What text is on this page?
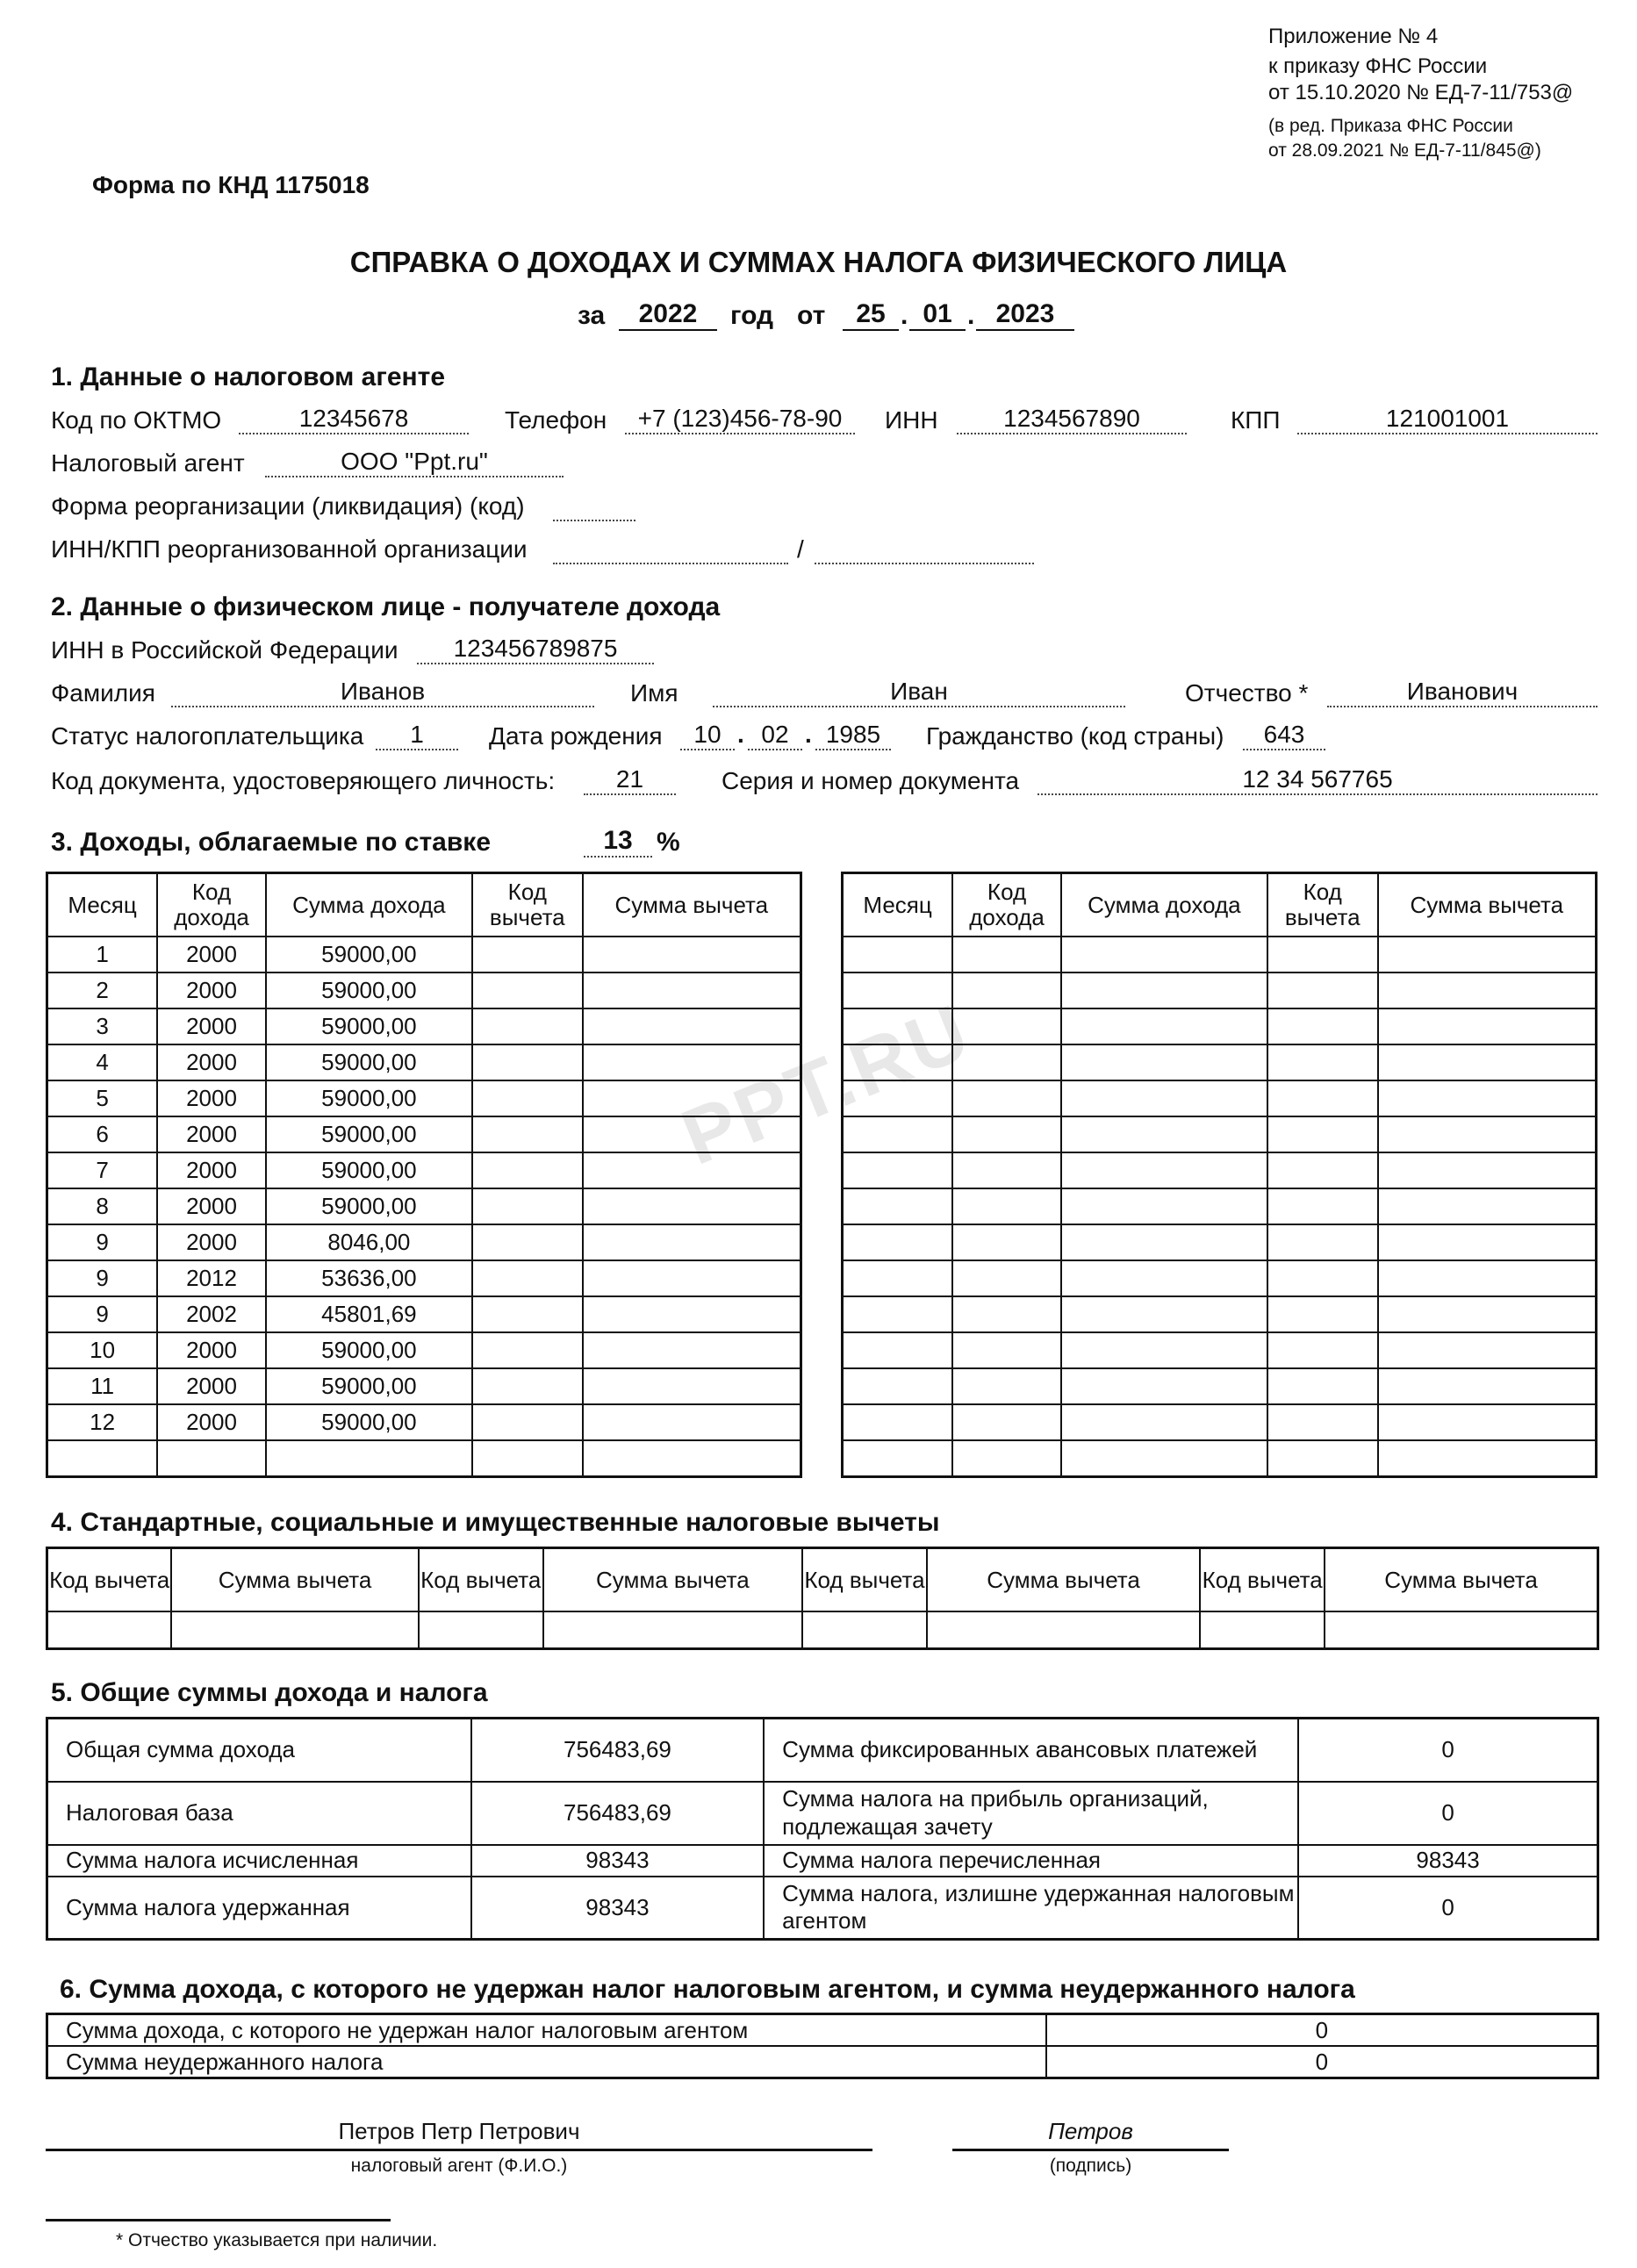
Приложение № 4
к приказу ФНС России
от 15.10.2020 № ЕД-7-11/753@
(в ред. Приказа ФНС России
от 28.09.2021 № ЕД-7-11/845@)
Форма по КНД 1175018
СПРАВКА О ДОХОДАХ И СУММАХ НАЛОГА ФИЗИЧЕСКОГО ЛИЦА
за	2022	год от	25 . 01 . 2023
1. Данные о налоговом агенте
Код по ОКТМО	12345678	Телефон	+7 (123)456-78-90	ИНН	1234567890	КПП	121001001
Налоговый агент	ООО "Ppt.ru"
Форма реорганизации (ликвидация) (код)
ИНН/КПП реорганизованной организации	/
2. Данные о физическом лице - получателе дохода
ИНН в Российской Федерации	123456789875
Фамилия	Иванов	Имя	Иван	Отчество *	Иванович
Статус налогоплательщика	1	Дата рождения	10 . 02 . 1985	Гражданство (код страны)	643
Код документа, удостоверяющего личность:	21	Серия и номер документа	12 34 567765
3. Доходы, облагаемые по ставке	13 %
PPT.RU
Месяц	Код дохода	Сумма дохода	Код вычета	Сумма вычета
1	2000	59000,00		
2	2000	59000,00		
3	2000	59000,00		
4	2000	59000,00		
5	2000	59000,00		
6	2000	59000,00		
7	2000	59000,00		
8	2000	59000,00		
9	2000	8046,00		
9	2012	53636,00		
9	2002	45801,69		
10	2000	59000,00		
11	2000	59000,00		
12	2000	59000,00		

Месяц	Код дохода	Сумма дохода	Код вычета	Сумма вычета

4. Стандартные, социальные и имущественные налоговые вычеты
Код вычета	Сумма вычета	Код вычета	Сумма вычета	Код вычета	Сумма вычета	Код вычета	Сумма вычета

5. Общие суммы дохода и налога
Общая сумма дохода	756483,69	Сумма фиксированных авансовых платежей	0
Налоговая база	756483,69	Сумма налога на прибыль организаций, подлежащая зачету	0
Сумма налога исчисленная	98343	Сумма налога перечисленная	98343
Сумма налога удержанная	98343	Сумма налога, излишне удержанная налоговым агентом	0
6. Сумма дохода, с которого не удержан налог налоговым агентом, и сумма неудержанного налога
Сумма дохода, с которого не удержан налог налоговым агентом	0
Сумма неудержанного налога	0
Петров Петр Петрович
налоговый агент (Ф.И.О.)
Петров
(подпись)
* Отчество указывается при наличии.
